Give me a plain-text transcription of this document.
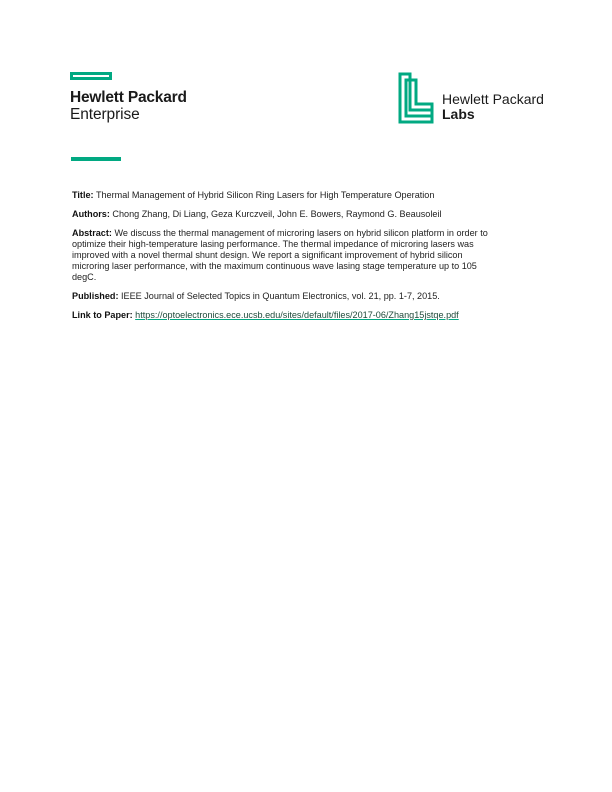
Hewlett Packard
Enterprise
Hewlett Packard
Labs

Title: Thermal Management of Hybrid Silicon Ring Lasers for High Temperature Operation

Authors: Chong Zhang, Di Liang, Geza Kurczveil, John E. Bowers, Raymond G. Beausoleil

Abstract: We discuss the thermal management of microring lasers on hybrid silicon platform in order to
optimize their high-temperature lasing performance. The thermal impedance of microring lasers was
improved with a novel thermal shunt design. We report a significant improvement of hybrid silicon
microring laser performance, with the maximum continuous wave lasing stage temperature up to 105
degC.

Published: IEEE Journal of Selected Topics in Quantum Electronics, vol. 21, pp. 1-7, 2015.

Link to Paper: https://optoelectronics.ece.ucsb.edu/sites/default/files/2017-06/Zhang15jstqe.pdf
